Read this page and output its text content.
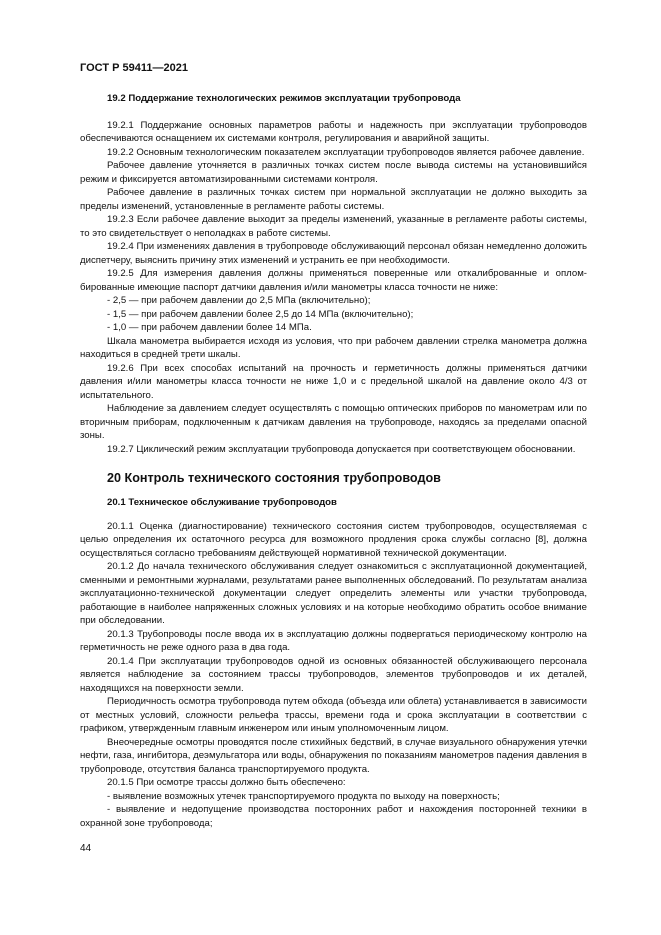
ГОСТ Р 59411—2021

19.2 Поддержание технологических режимов эксплуатации трубопровода

19.2.1 Поддержание основных параметров работы и надежность при эксплуатации трубопроводов обеспечиваются оснащением их системами контроля, регулирования и аварийной защиты.

19.2.2 Основным технологическим показателем эксплуатации трубопроводов является рабочее давление.

Рабочее давление уточняется в различных точках систем после вывода системы на установившийся режим и фиксируется автоматизированными системами контроля.

Рабочее давление в различных точках систем при нормальной эксплуатации не должно выходить за пределы изменений, установленные в регламенте работы системы.

19.2.3 Если рабочее давление выходит за пределы изменений, указанные в регламенте работы системы, то это свидетельствует о неполадках в работе системы.

19.2.4 При изменениях давления в трубопроводе обслуживающий персонал обязан немедленно доложить диспетчеру, выяснить причину этих изменений и устранить ее при необходимости.

19.2.5 Для измерения давления должны применяться поверенные или откалиброванные и опломбированные имеющие паспорт датчики давления и/или манометры класса точности не ниже:

- 2,5 — при рабочем давлении до 2,5 МПа (включительно);

- 1,5 — при рабочем давлении более 2,5 до 14 МПа (включительно);

- 1,0 — при рабочем давлении более 14 МПа.

Шкала манометра выбирается исходя из условия, что при рабочем давлении стрелка манометра должна находиться в средней трети шкалы.

19.2.6 При всех способах испытаний на прочность и герметичность должны применяться датчики давления и/или манометры класса точности не ниже 1,0 и с предельной шкалой на давление около 4/3 от испытательного.

Наблюдение за давлением следует осуществлять с помощью оптических приборов по манометрам или по вторичным приборам, подключенным к датчикам давления на трубопроводе, находясь за пределами опасной зоны.

19.2.7 Циклический режим эксплуатации трубопровода допускается при соответствующем обосновании.

20 Контроль технического состояния трубопроводов

20.1 Техническое обслуживание трубопроводов

20.1.1 Оценка (диагностирование) технического состояния систем трубопроводов, осуществляемая с целью определения их остаточного ресурса для возможного продления срока службы согласно [8], должна осуществляться согласно требованиям действующей нормативной технической документации.

20.1.2 До начала технического обслуживания следует ознакомиться с эксплуатационной документацией, сменными и ремонтными журналами, результатами ранее выполненных обследований. По результатам анализа эксплуатационно-технической документации следует определить элементы или участки трубопровода, работающие в наиболее напряженных сложных условиях и на которые необходимо обратить особое внимание при обследовании.

20.1.3 Трубопроводы после ввода их в эксплуатацию должны подвергаться периодическому контролю на герметичность не реже одного раза в два года.

20.1.4 При эксплуатации трубопроводов одной из основных обязанностей обслуживающего персонала является наблюдение за состоянием трассы трубопроводов, элементов трубопроводов и их деталей, находящихся на поверхности земли.

Периодичность осмотра трубопровода путем обхода (объезда или облета) устанавливается в зависимости от местных условий, сложности рельефа трассы, времени года и срока эксплуатации в соответствии с графиком, утвержденным главным инженером или иным уполномоченным лицом.

Внеочередные осмотры проводятся после стихийных бедствий, в случае визуального обнаружения утечки нефти, газа, ингибитора, деэмульгатора или воды, обнаружения по показаниям манометров падения давления в трубопроводе, отсутствия баланса транспортируемого продукта.

20.1.5 При осмотре трассы должно быть обеспечено:

- выявление возможных утечек транспортируемого продукта по выходу на поверхность;

- выявление и недопущение производства посторонних работ и нахождения посторонней техники в охранной зоне трубопровода;

44
